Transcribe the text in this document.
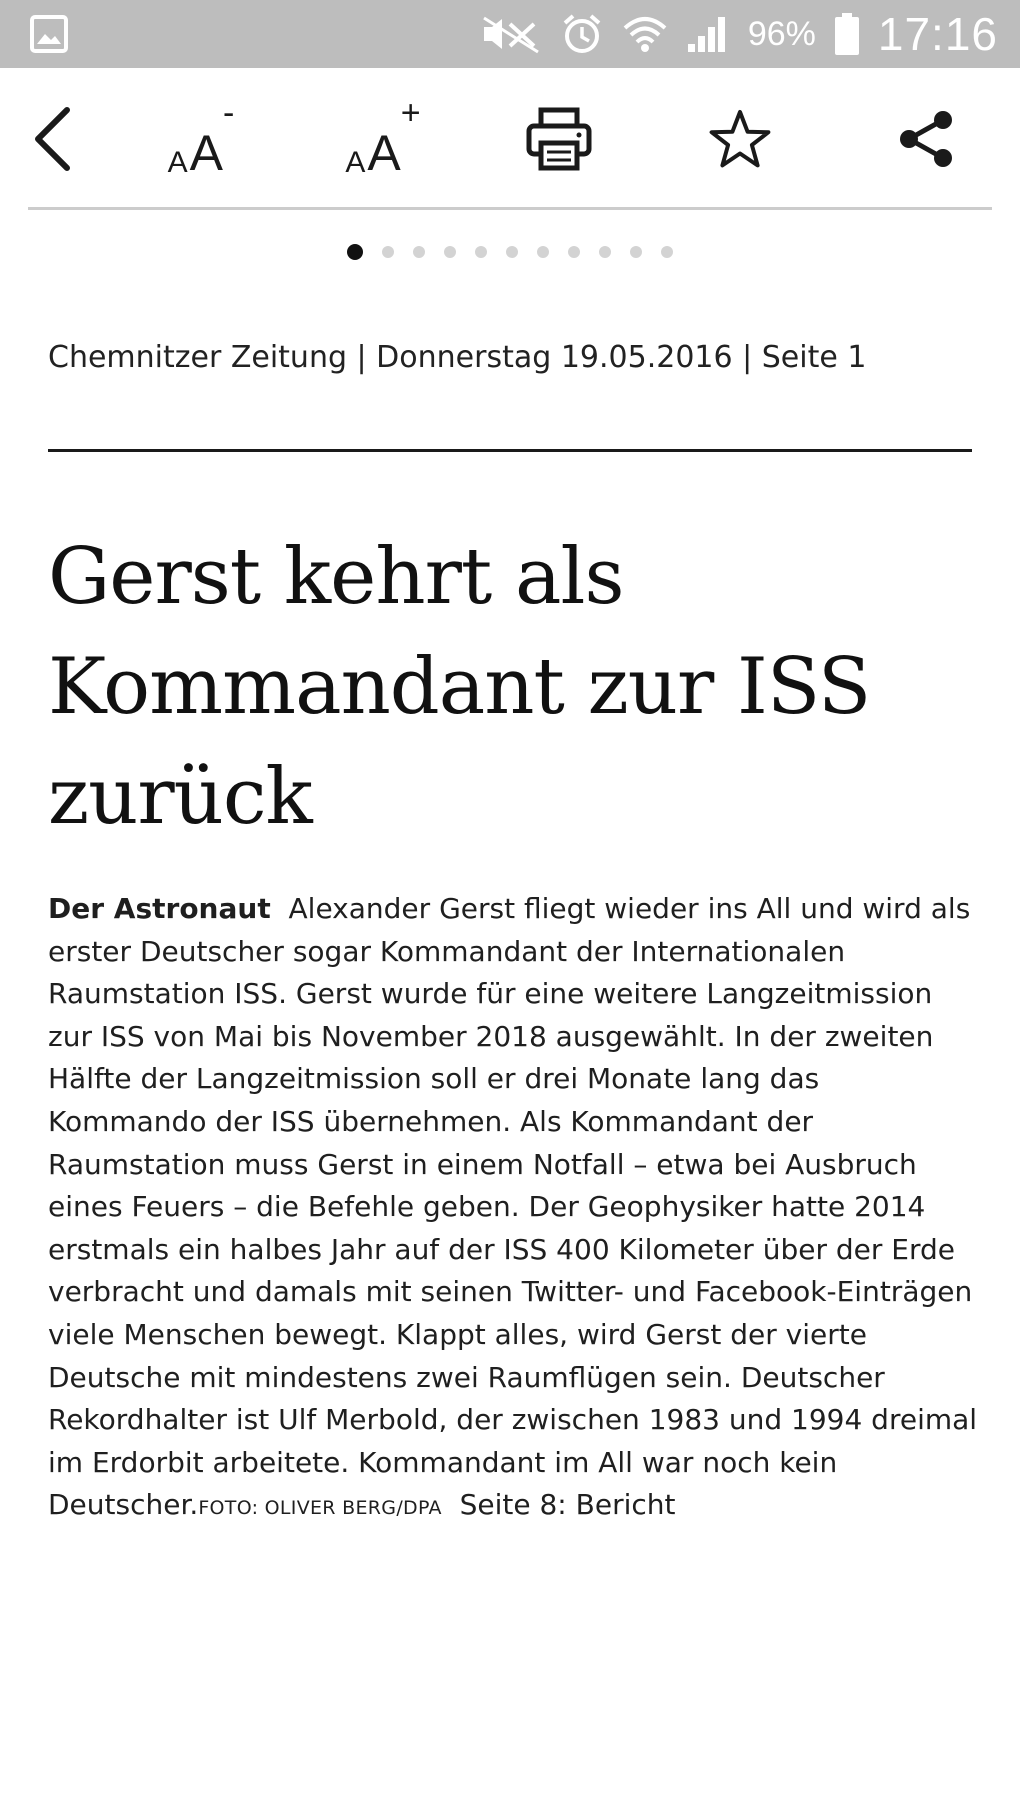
96% 17:16
A A
-
A A
+
Chemnitzer Zeitung | Donnerstag 19.05.2016 | Seite 1
Gerst kehrt als
Kommandant zur ISS
zurück

Der Astronaut Alexander Gerst fliegt wieder ins All und wird als erster Deutscher sogar Kommandant der Internationalen Raumstation ISS. Gerst wurde für eine weitere Langzeitmission zur ISS von Mai bis November 2018 ausgewählt. In der zweiten Hälfte der Langzeitmission soll er drei Monate lang das Kommando der ISS übernehmen. Als Kommandant der Raumstation muss Gerst in einem Notfall – etwa bei Ausbruch eines Feuers – die Befehle geben. Der Geophysiker hatte 2014 erstmals ein halbes Jahr auf der ISS 400 Kilometer über der Erde verbracht und damals mit seinen Twitter- und Facebook-Einträgen viele Menschen bewegt. Klappt alles, wird Gerst der vierte Deutsche mit mindestens zwei Raumflügen sein. Deutscher Rekordhalter ist Ulf Merbold, der zwischen 1983 und 1994 dreimal im Erdorbit arbeitete. Kommandant im All war noch kein Deutscher.FOTO: OLIVER BERG/DPA Seite 8: Bericht
